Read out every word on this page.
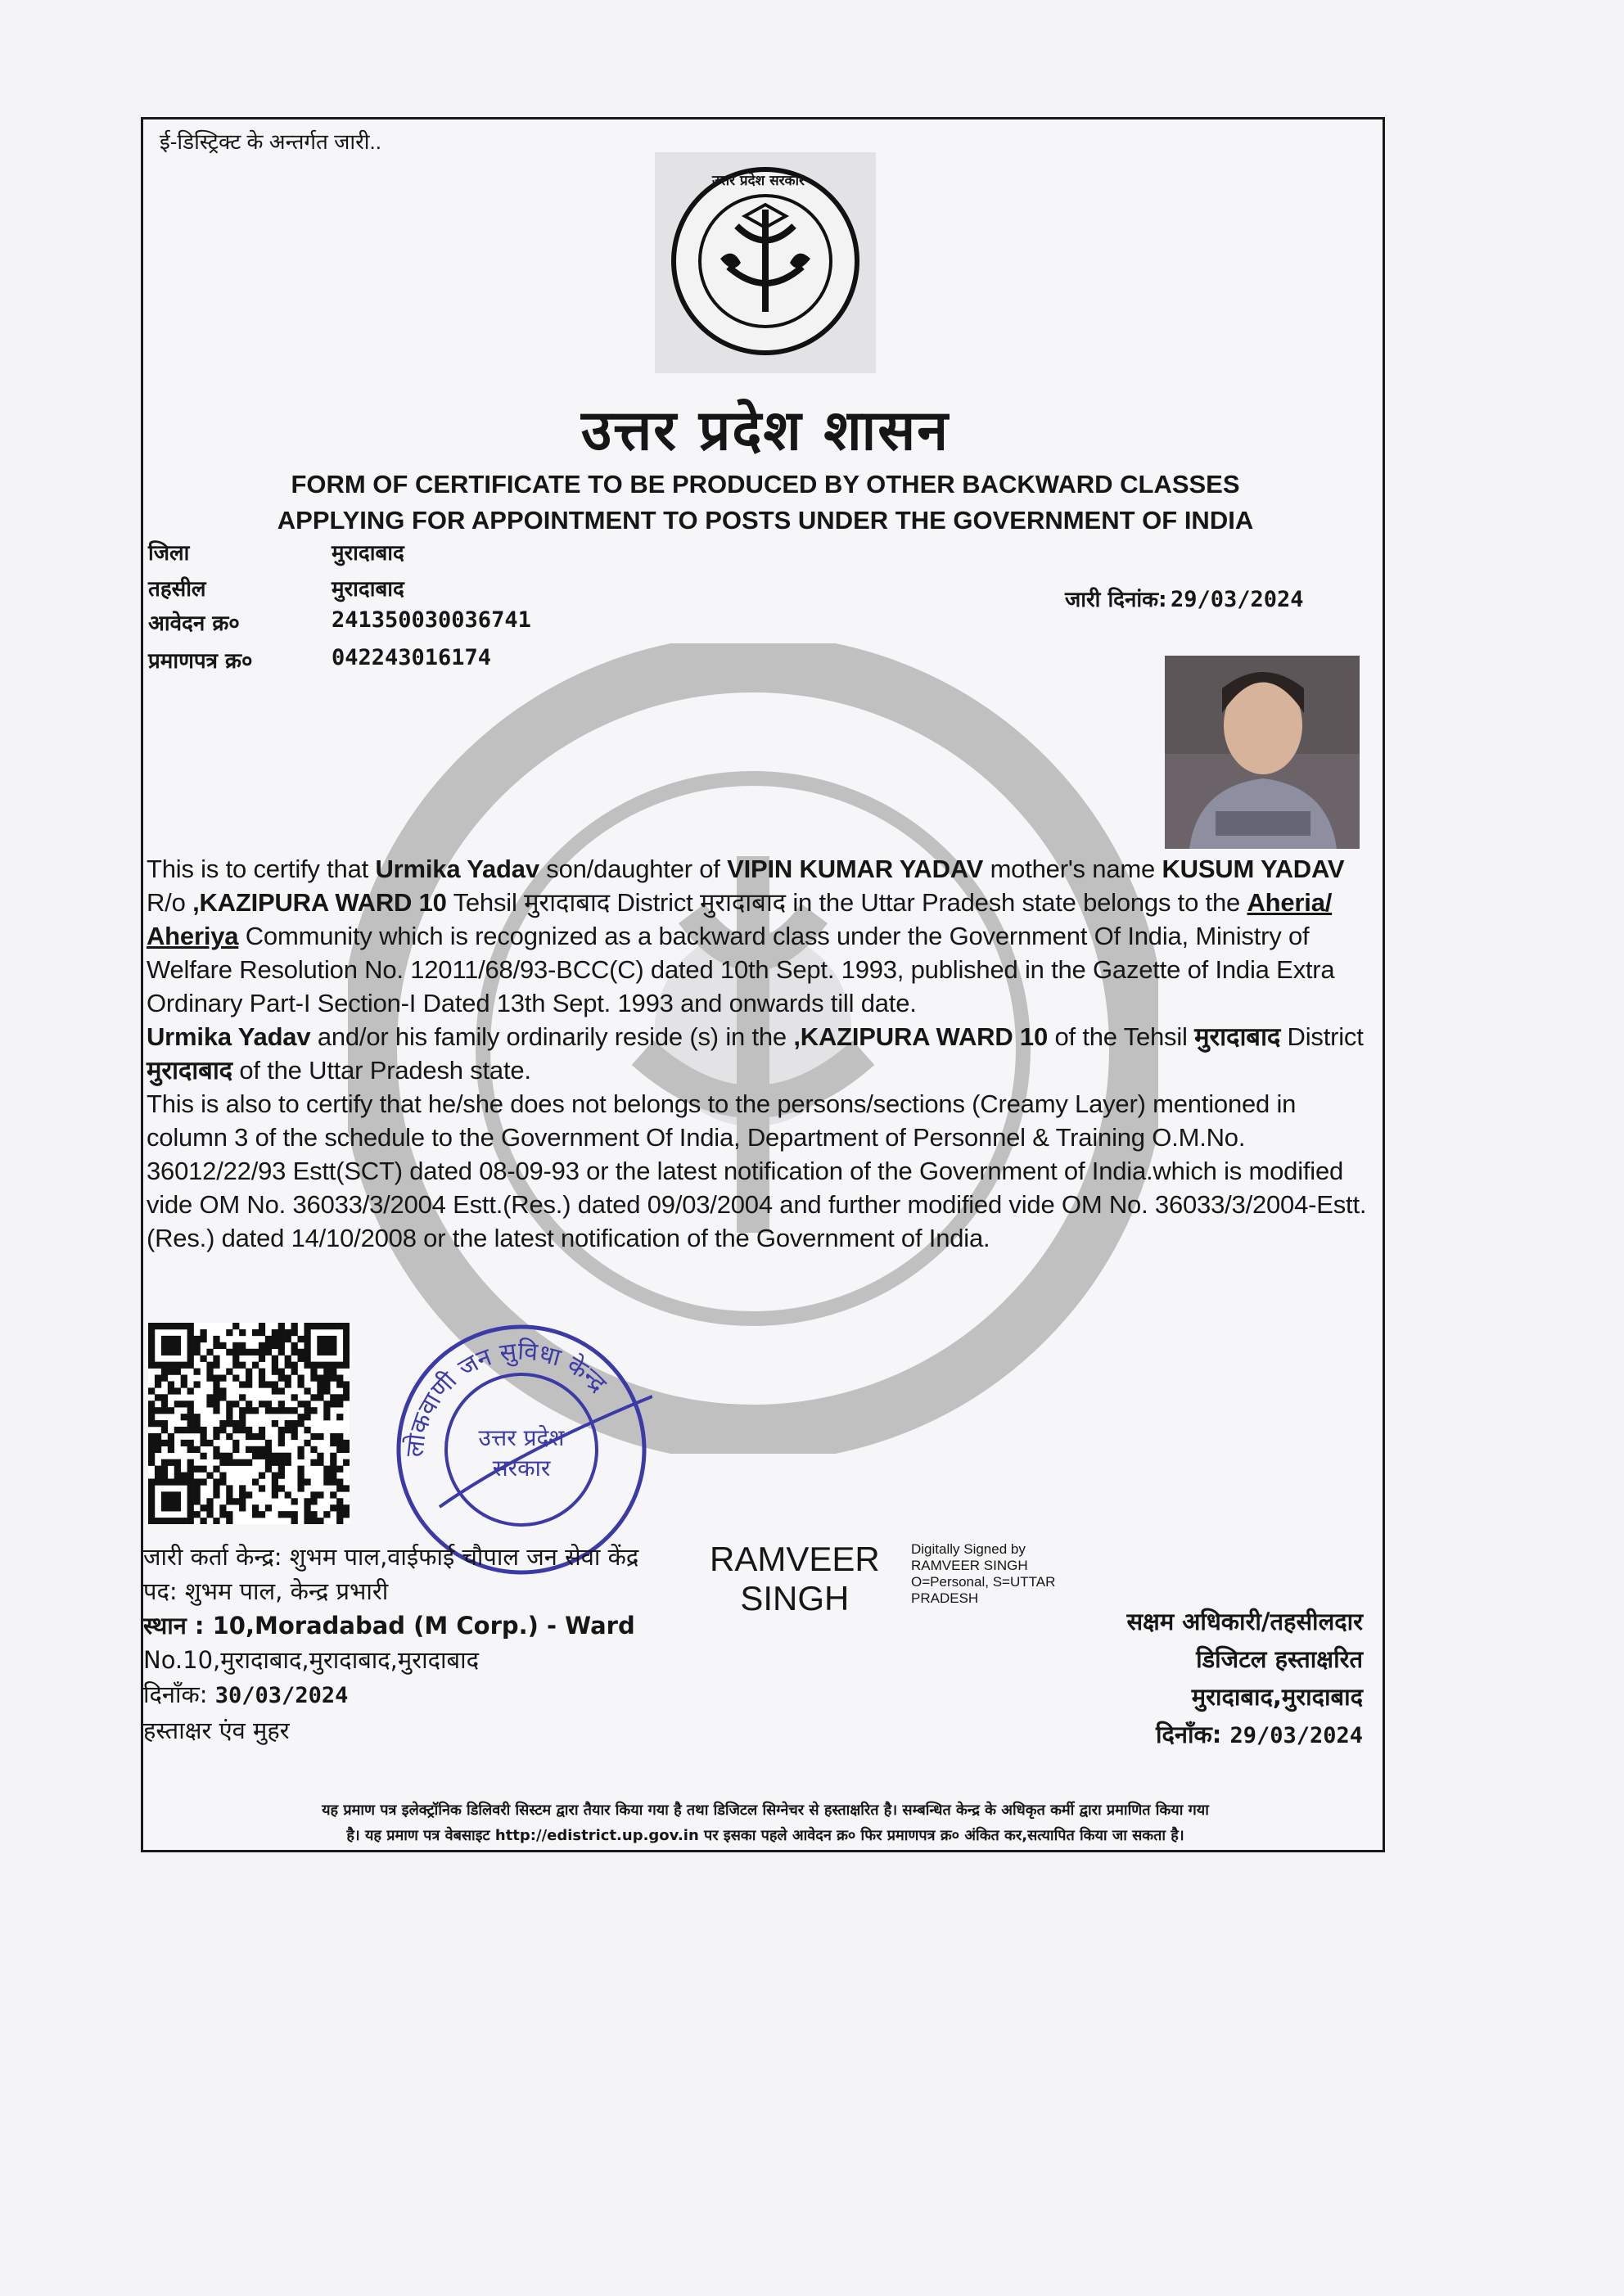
ई-डिस्ट्रिक्ट के अन्तर्गत जारी..
उत्तर प्रदेश सरकार
उत्तर प्रदेश शासन
FORM OF CERTIFICATE TO BE PRODUCED BY OTHER BACKWARD CLASSES
APPLYING FOR APPOINTMENT TO POSTS UNDER THE GOVERNMENT OF INDIA
जिला	मुरादाबाद
तहसील	मुरादाबाद
आवेदन क्र०	241350030036741
प्रमाणपत्र क्र०	042243016174
जारी दिनांक: 29/03/2024

This is to certify that Urmika Yadav son/daughter of VIPIN KUMAR YADAV mother's name KUSUM YADAV  R/o ,KAZIPURA WARD 10 Tehsil मुरादाबाद District मुरादाबाद in the Uttar Pradesh state belongs to the Aheria/ Aheriya Community which is recognized as a backward class under the Government Of India, Ministry of Welfare Resolution No. 12011/68/93-BCC(C) dated 10th Sept. 1993, published in the Gazette of India Extra Ordinary Part-I Section-I Dated 13th Sept. 1993 and onwards till date.

Urmika Yadav and/or his family ordinarily reside (s) in the ,KAZIPURA WARD 10 of the Tehsil मुरादाबाद District मुरादाबाद of the Uttar Pradesh state.

This is also to certify that he/she does not belongs to the persons/sections (Creamy Layer) mentioned in column 3 of the schedule to the Government Of India, Department of Personnel & Training O.M.No. 36012/22/93 Estt(SCT) dated 08-09-93 or the latest notification of the Government of India.which is modified vide OM No. 36033/3/2004 Estt.(Res.) dated 09/03/2004 and further modified vide OM No. 36033/3/2004-Estt. (Res.) dated 14/10/2008 or the latest notification of the Government of India.

लोकवाणी जन सुविधा केन्द्र
उत्तर प्रदेश
सरकार
जारी कर्ता केन्द्र: शुभम पाल,वाईफाई चौपाल जन सेवा केंद्र
पद: शुभम पाल, केन्द्र प्रभारी
स्थान : 10,Moradabad (M Corp.) - Ward
No.10,मुरादाबाद,मुरादाबाद,मुरादाबाद
दिनाँक: 30/03/2024
हस्ताक्षर एंव मुहर
RAMVEER
SINGH
Digitally Signed by
RAMVEER SINGH
O=Personal, S=UTTAR
PRADESH
सक्षम अधिकारी/तहसीलदार
डिजिटल हस्ताक्षरित
मुरादाबाद,मुरादाबाद
दिनाँक: 29/03/2024
यह प्रमाण पत्र इलेक्ट्रॉनिक डिलिवरी सिस्टम द्वारा तैयार किया गया है तथा डिजिटल सिग्नेचर से हस्ताक्षरित है। सम्बन्धित केन्द्र के अधिकृत कर्मी द्वारा प्रमाणित किया गया
है। यह प्रमाण पत्र वेबसाइट http://edistrict.up.gov.in पर इसका पहले आवेदन क्र० फिर प्रमाणपत्र क्र० अंकित कर,सत्यापित किया जा सकता है।
